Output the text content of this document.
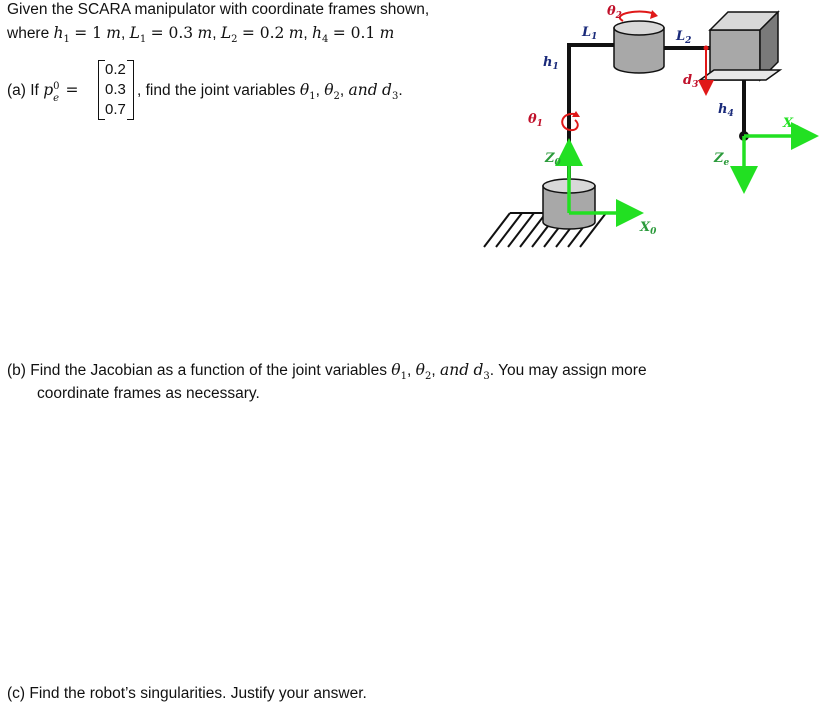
Given the SCARA manipulator with coordinate frames shown,
where $h_1 = 1$ m, $L_1 = 0.3$ m, $L_2 = 0.2$ m, $h_4 = 0.1$ m
(a) If p 0
e =
0.2
0.3
0.7
, find the joint variables $\theta_1$, $\theta_2$, and $d_3$.
(b) Find the Jacobian as a function of the joint variables $\theta_1$, $\theta_2$, and $d_3$. You may assign more
coordinate frames as necessary.
(c) Find the robot’s singularities. Justify your answer.
$\theta_2$
$L_1$	$L_2$
$h_1$
$\theta_1$
$d_3$
$h_4$
$Z_0$
$X_0$
$X_e$
$Z_e$
